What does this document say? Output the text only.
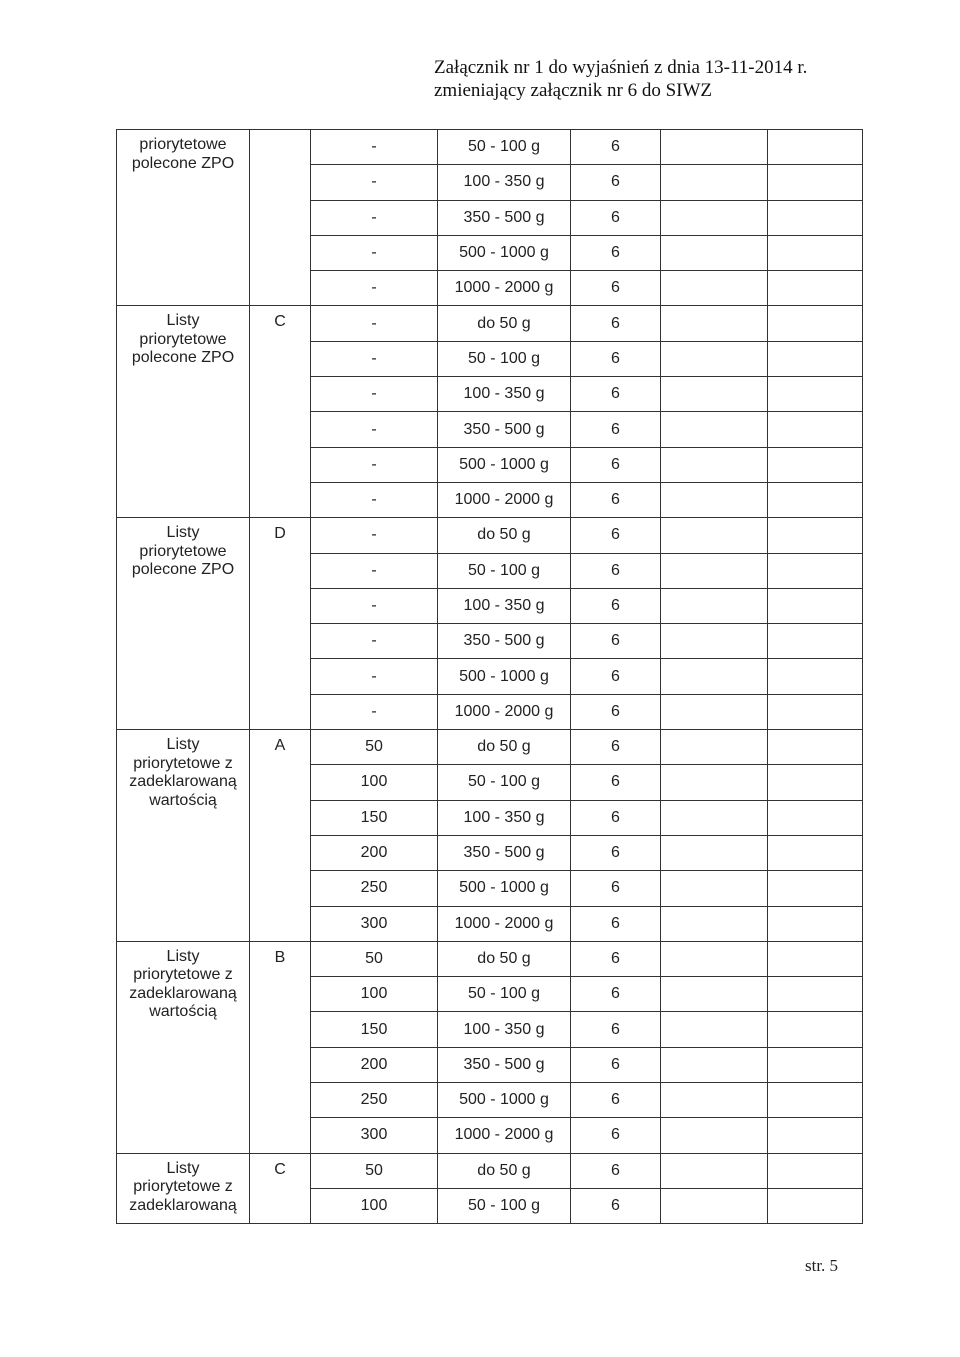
Załącznik nr 1 do wyjaśnień z dnia 13-11-2014 r.
zmieniający załącznik nr 6 do SIWZ
priorytetowe
polecone ZPO		-	50 - 100 g	6		
		-	100 - 350 g	6		
		-	350 - 500 g	6		
		-	500 - 1000 g	6		
		-	1000 - 2000 g	6		

Listy
priorytetowe
polecone ZPO	C	-	do 50 g	6		
		-	50 - 100 g	6		
		-	100 - 350 g	6		
		-	350 - 500 g	6		
		-	500 - 1000 g	6		
		-	1000 - 2000 g	6		

Listy
priorytetowe
polecone ZPO	D	-	do 50 g	6		
		-	50 - 100 g	6		
		-	100 - 350 g	6		
		-	350 - 500 g	6		
		-	500 - 1000 g	6		
		-	1000 - 2000 g	6		

Listy
priorytetowe z
zadeklarowaną
wartością	A	50	do 50 g	6		
		100	50 - 100 g	6		
		150	100 - 350 g	6		
		200	350 - 500 g	6		
		250	500 - 1000 g	6		
		300	1000 - 2000 g	6		

Listy
priorytetowe z
zadeklarowaną
wartością	B	50	do 50 g	6		
		100	50 - 100 g	6		
		150	100 - 350 g	6		
		200	350 - 500 g	6		
		250	500 - 1000 g	6		
		300	1000 - 2000 g	6		

Listy
priorytetowe z
zadeklarowaną	C	50	do 50 g	6		
		100	50 - 100 g	6		
str. 5
